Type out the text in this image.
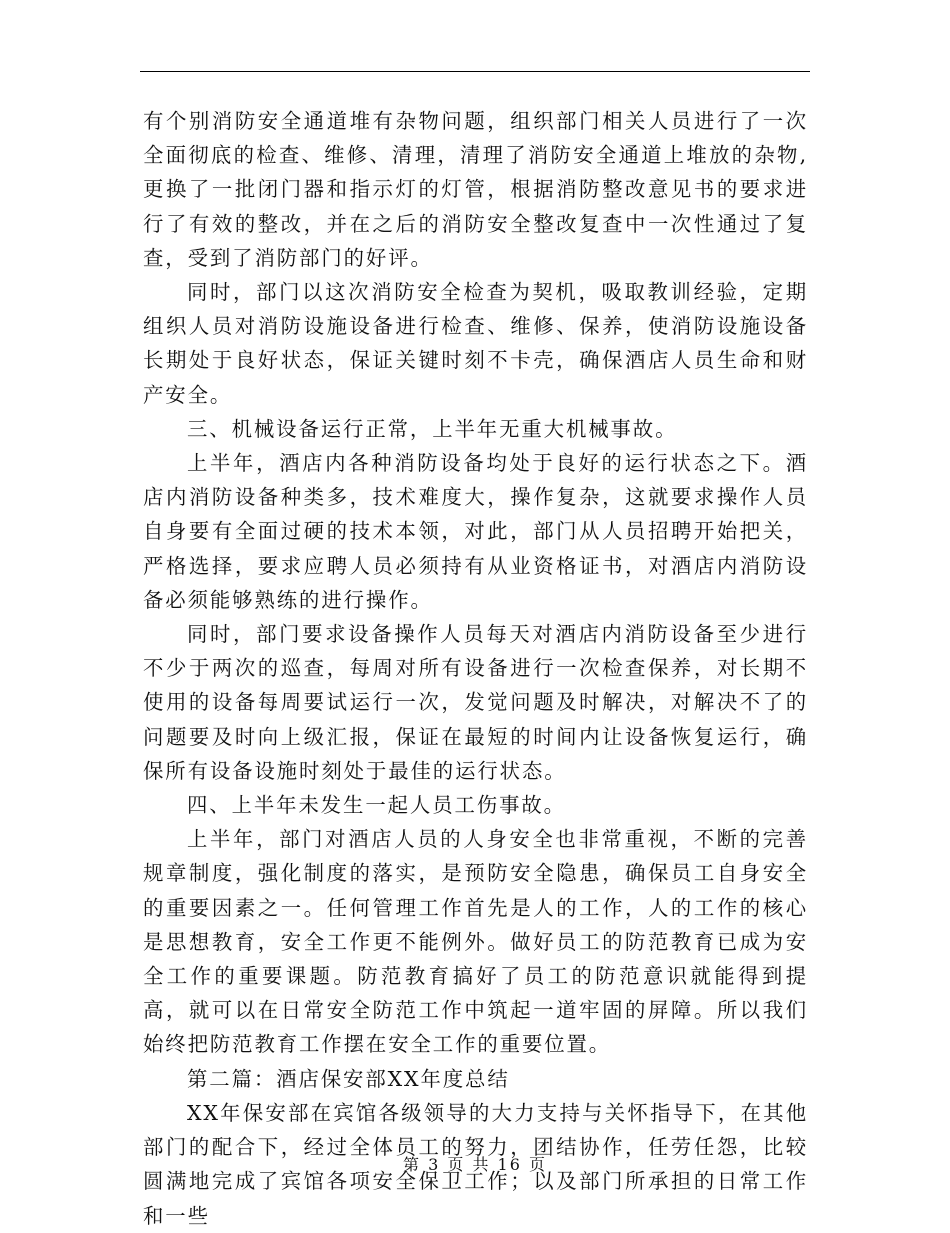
有个别消防安全通道堆有杂物问题，组织部门相关人员进行了一次全面彻底的检查、维修、清理，清理了消防安全通道上堆放的杂物,更换了一批闭门器和指示灯的灯管，根据消防整改意见书的要求进行了有效的整改，并在之后的消防安全整改复查中一次性通过了复查，受到了消防部门的好评。

同时，部门以这次消防安全检查为契机，吸取教训经验，定期组织人员对消防设施设备进行检查、维修、保养，使消防设施设备长期处于良好状态，保证关键时刻不卡壳，确保酒店人员生命和财产安全。

三、机械设备运行正常，上半年无重大机械事故。

上半年，酒店内各种消防设备均处于良好的运行状态之下。酒店内消防设备种类多，技术难度大，操作复杂，这就要求操作人员自身要有全面过硬的技术本领，对此，部门从人员招聘开始把关，严格选择，要求应聘人员必须持有从业资格证书，对酒店内消防设备必须能够熟练的进行操作。

同时，部门要求设备操作人员每天对酒店内消防设备至少进行不少于两次的巡查，每周对所有设备进行一次检查保养，对长期不使用的设备每周要试运行一次，发觉问题及时解决，对解决不了的问题要及时向上级汇报，保证在最短的时间内让设备恢复运行，确保所有设备设施时刻处于最佳的运行状态。

四、上半年未发生一起人员工伤事故。

上半年，部门对酒店人员的人身安全也非常重视，不断的完善规章制度，强化制度的落实，是预防安全隐患，确保员工自身安全的重要因素之一。任何管理工作首先是人的工作，人的工作的核心是思想教育，安全工作更不能例外。做好员工的防范教育已成为安全工作的重要课题。防范教育搞好了员工的防范意识就能得到提高，就可以在日常安全防范工作中筑起一道牢固的屏障。所以我们始终把防范教育工作摆在安全工作的重要位置。

第二篇：酒店保安部XX年度总结

XX年保安部在宾馆各级领导的大力支持与关怀指导下，在其他部门的配合下，经过全体员工的努力，团结协作，任劳任怨，比较圆满地完成了宾馆各项安全保卫工作；以及部门所承担的日常工作和一些

第 3 页 共 16 页
